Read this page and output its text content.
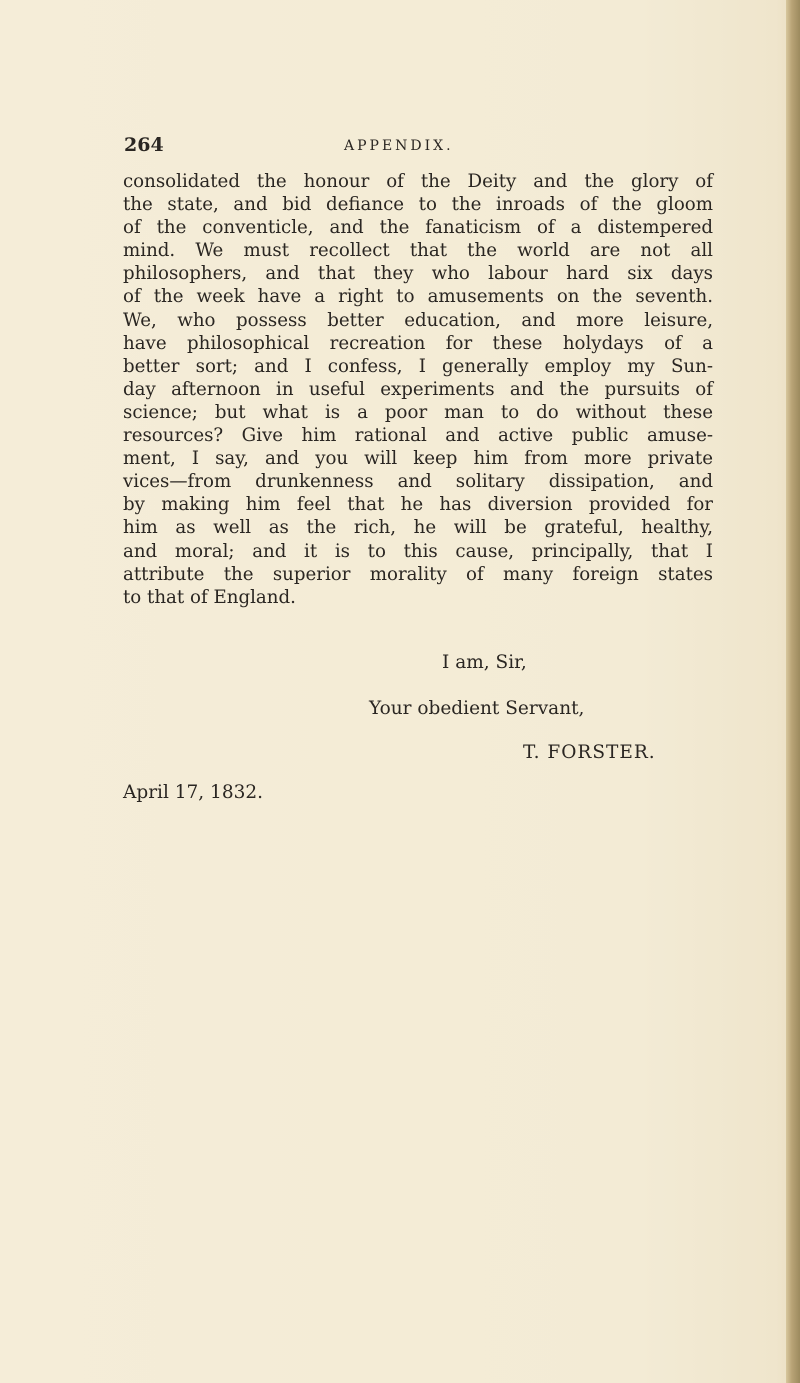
264	APPENDIX.
consolidated the honour of the Deity and the glory of
the state, and bid defiance to the inroads of the gloom
of the conventicle, and the fanaticism of a distempered
mind. We must recollect that the world are not all
philosophers, and that they who labour hard six days
of the week have a right to amusements on the seventh.
We, who possess better education, and more leisure,
have philosophical recreation for these holydays of a
better sort; and I confess, I generally employ my Sun-
day afternoon in useful experiments and the pursuits of
science; but what is a poor man to do without these
resources? Give him rational and active public amuse-
ment, I say, and you will keep him from more private
vices—from drunkenness and solitary dissipation, and
by making him feel that he has diversion provided for
him as well as the rich, he will be grateful, healthy,
and moral; and it is to this cause, principally, that I
attribute the superior morality of many foreign states
to that of England.
I am, Sir,
Your obedient Servant,
T. FORSTER.
April 17, 1832.
